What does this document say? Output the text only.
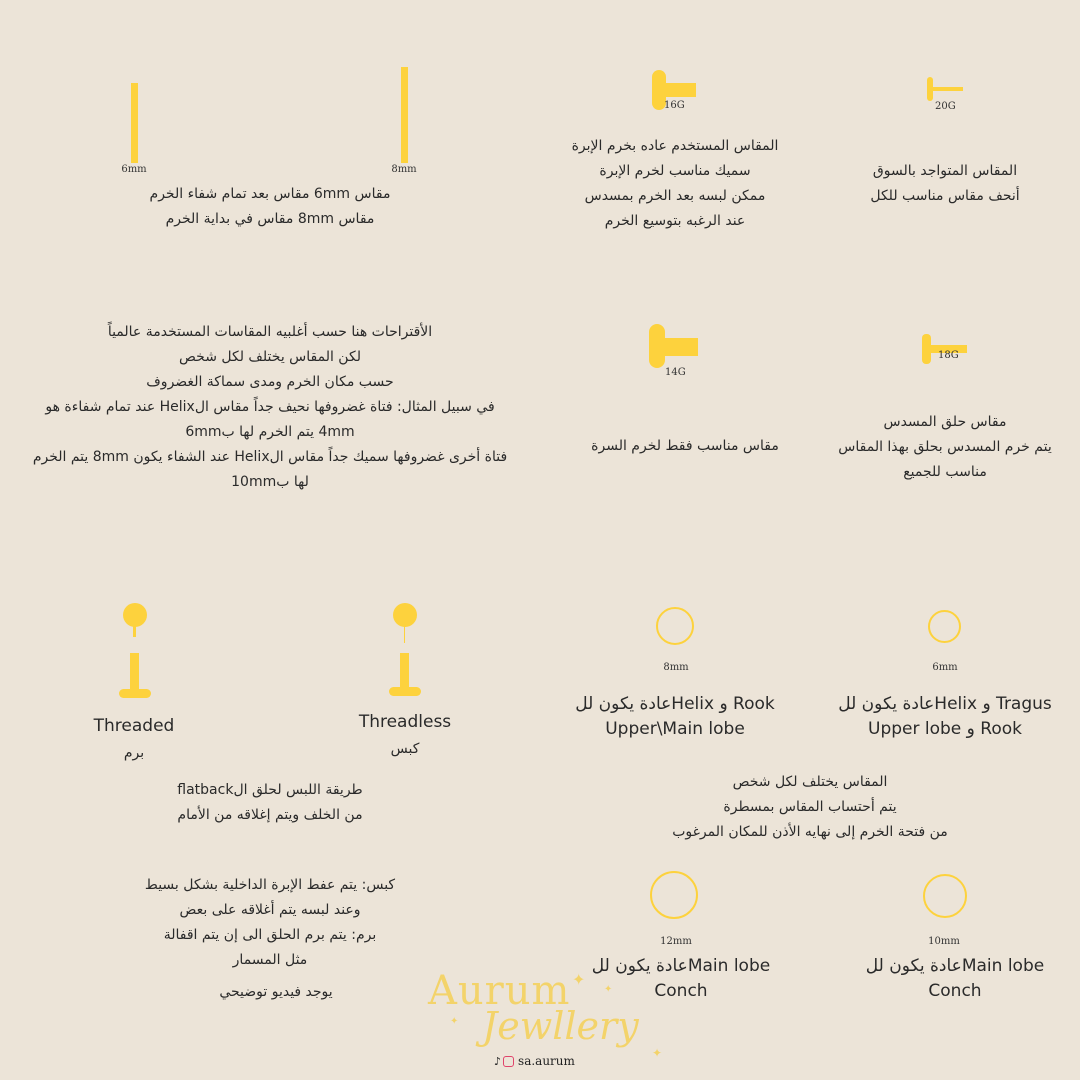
6mm	8mm
مقاس 6mm مقاس بعد تمام شفاء الخرم
مقاس 8mm مقاس في بداية الخرم
16G
المقاس المستخدم عاده بخرم الإبرة
سميك مناسب لخرم الإبرة
ممكن لبسه بعد الخرم بمسدس
عند الرغبه بتوسيع الخرم
20G
المقاس المتواجد بالسوق
أنحف مقاس مناسب للكل
الأقتراحات هنا حسب أغلبيه المقاسات المستخدمة عالمياً
لكن المقاس يختلف لكل شخص
حسب مكان الخرم ومدى سماكة الغضروف
في سبيل المثال: فتاة غضروفها نحيف جداً مقاس الHelix عند تمام شفاءة هو
4mm يتم الخرم لها ب6mm
فتاة أخرى غضروفها سميك جداً مقاس الHelix عند الشفاء يكون 8mm يتم الخرم
لها ب10mm
14G
مقاس مناسب فقط لخرم السرة
18G
مقاس حلق المسدس
يتم خرم المسدس بحلق بهذا المقاس
مناسب للجميع
Threaded
برم
Threadless
كبس
طريقة اللبس لحلق الflatback
من الخلف ويتم إغلاقه من الأمام
كبس: يتم عفط الإبرة الداخلية بشكل بسيط
وعند لبسه يتم أغلاقه على بعض
برم: يتم برم الحلق الى إن يتم اقفالة
مثل المسمار
يوجد فيديو توضيحي
8mm
عادة يكون للHelix و Rook
Upper\Main lobe
6mm
عادة يكون للHelix و Tragus
Upper lobe و Rook
المقاس يختلف لكل شخص
يتم أحتساب المقاس بمسطرة
من فتحة الخرم إلى نهايه الأذن للمكان المرغوب
12mm
عادة يكون للMain lobe
Conch
10mm
عادة يكون للMain lobe
Conch
Aurum
Jewllery
✦
✦
✦
✦
♪ sa.aurum
